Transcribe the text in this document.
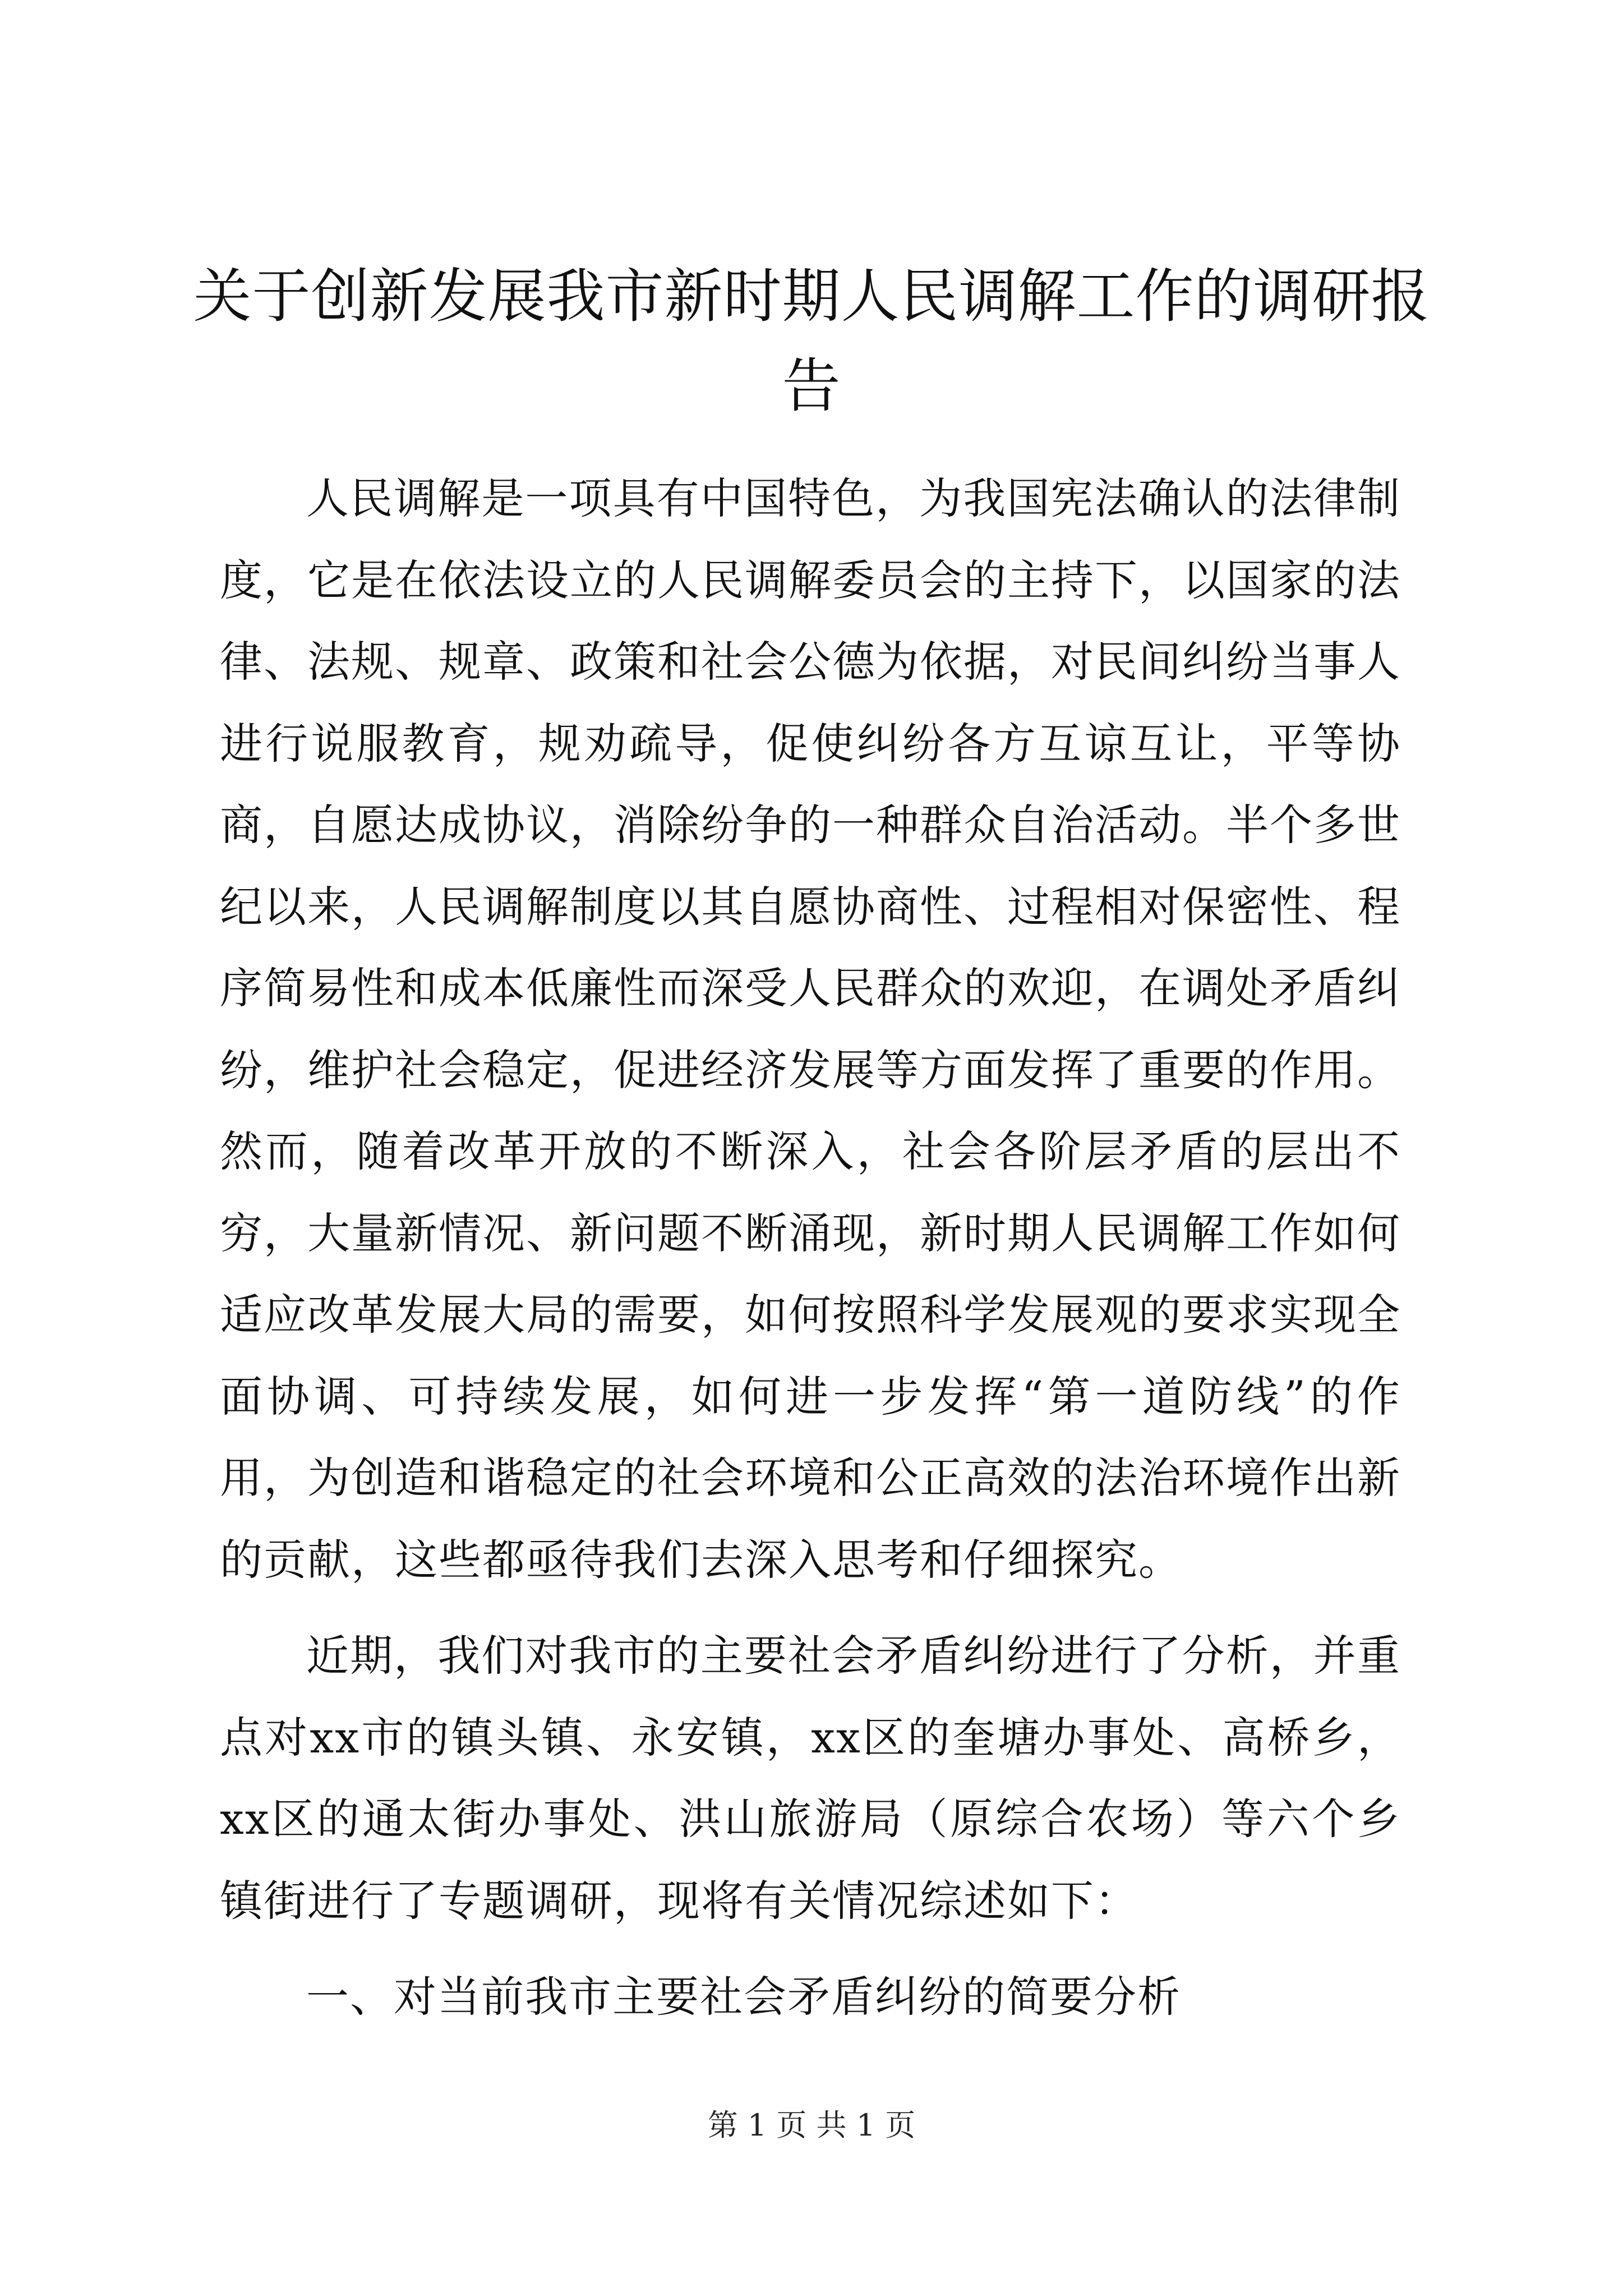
关于创新发展我市新时期人民调解工作的调研报告

人民调解是一项具有中国特色，为我国宪法确认的法律制度，它是在依法设立的人民调解委员会的主持下，以国家的法律、法规、规章、政策和社会公德为依据，对民间纠纷当事人进行说服教育，规劝疏导，促使纠纷各方互谅互让，平等协商，自愿达成协议，消除纷争的一种群众自治活动。半个多世纪以来，人民调解制度以其自愿协商性、过程相对保密性、程序简易性和成本低廉性而深受人民群众的欢迎，在调处矛盾纠纷，维护社会稳定，促进经济发展等方面发挥了重要的作用。然而，随着改革开放的不断深入，社会各阶层矛盾的层出不穷，大量新情况、新问题不断涌现，新时期人民调解工作如何适应改革发展大局的需要，如何按照科学发展观的要求实现全面协调、可持续发展，如何进一步发挥“第一道防线”的作用，为创造和谐稳定的社会环境和公正高效的法治环境作出新的贡献，这些都亟待我们去深入思考和仔细探究。

近期，我们对我市的主要社会矛盾纠纷进行了分析，并重点对xx市的镇头镇、永安镇，xx区的奎塘办事处、高桥乡，xx区的通太街办事处、洪山旅游局（原综合农场）等六个乡镇街进行了专题调研，现将有关情况综述如下：

一、对当前我市主要社会矛盾纠纷的简要分析

第 1 页 共 1 页
